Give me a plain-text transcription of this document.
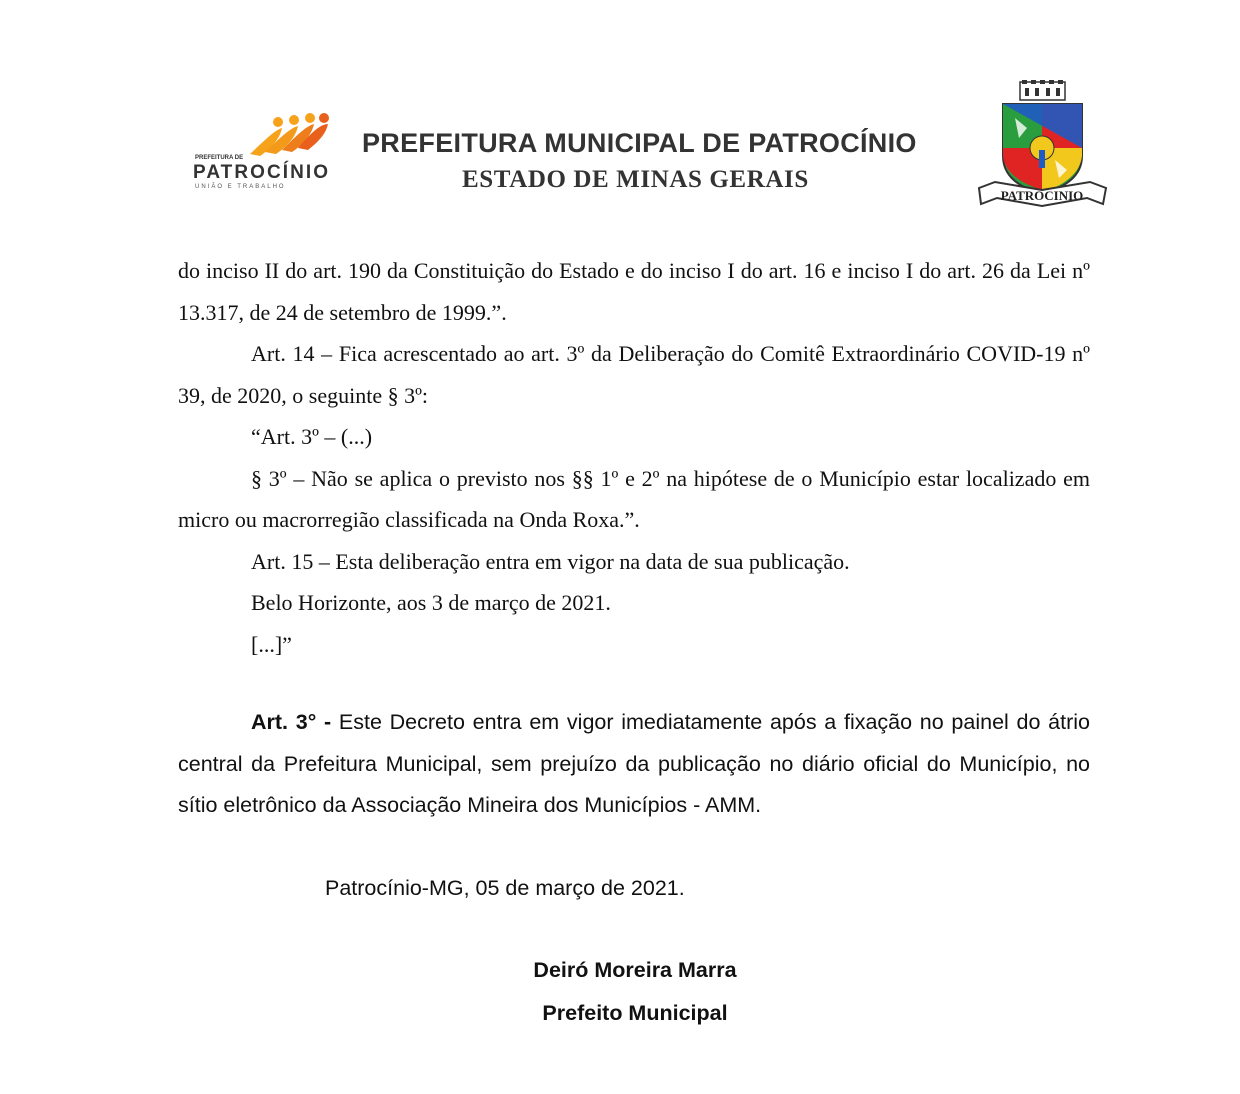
PREFEITURA DE
PATROCÍNIO
UNIÃO E TRABALHO
PREFEITURA MUNICIPAL DE PATROCÍNIO
ESTADO DE MINAS GERAIS
PATROCINIO

do inciso II do art. 190 da Constituição do Estado e do inciso I do art. 16 e inciso I do art. 26 da Lei nº 13.317, de 24 de setembro de 1999.”.

Art. 14 – Fica acrescentado ao art. 3º da Deliberação do Comitê Extraordinário COVID-19 nº 39, de 2020, o seguinte § 3º:

“Art. 3º – (...)

§ 3º – Não se aplica o previsto nos §§ 1º e 2º na hipótese de o Município estar localizado em micro ou macrorregião classificada na Onda Roxa.”.

Art. 15 – Esta deliberação entra em vigor na data de sua publicação.

Belo Horizonte, aos 3 de março de 2021.

[...]”

Art. 3° - Este Decreto entra em vigor imediatamente após a fixação no painel do átrio central da Prefeitura Municipal, sem prejuízo da publicação no diário oficial do Município, no sítio eletrônico da Associação Mineira dos Municípios - AMM.
Patrocínio-MG, 05 de março de 2021.
Deiró Moreira Marra
Prefeito Municipal
